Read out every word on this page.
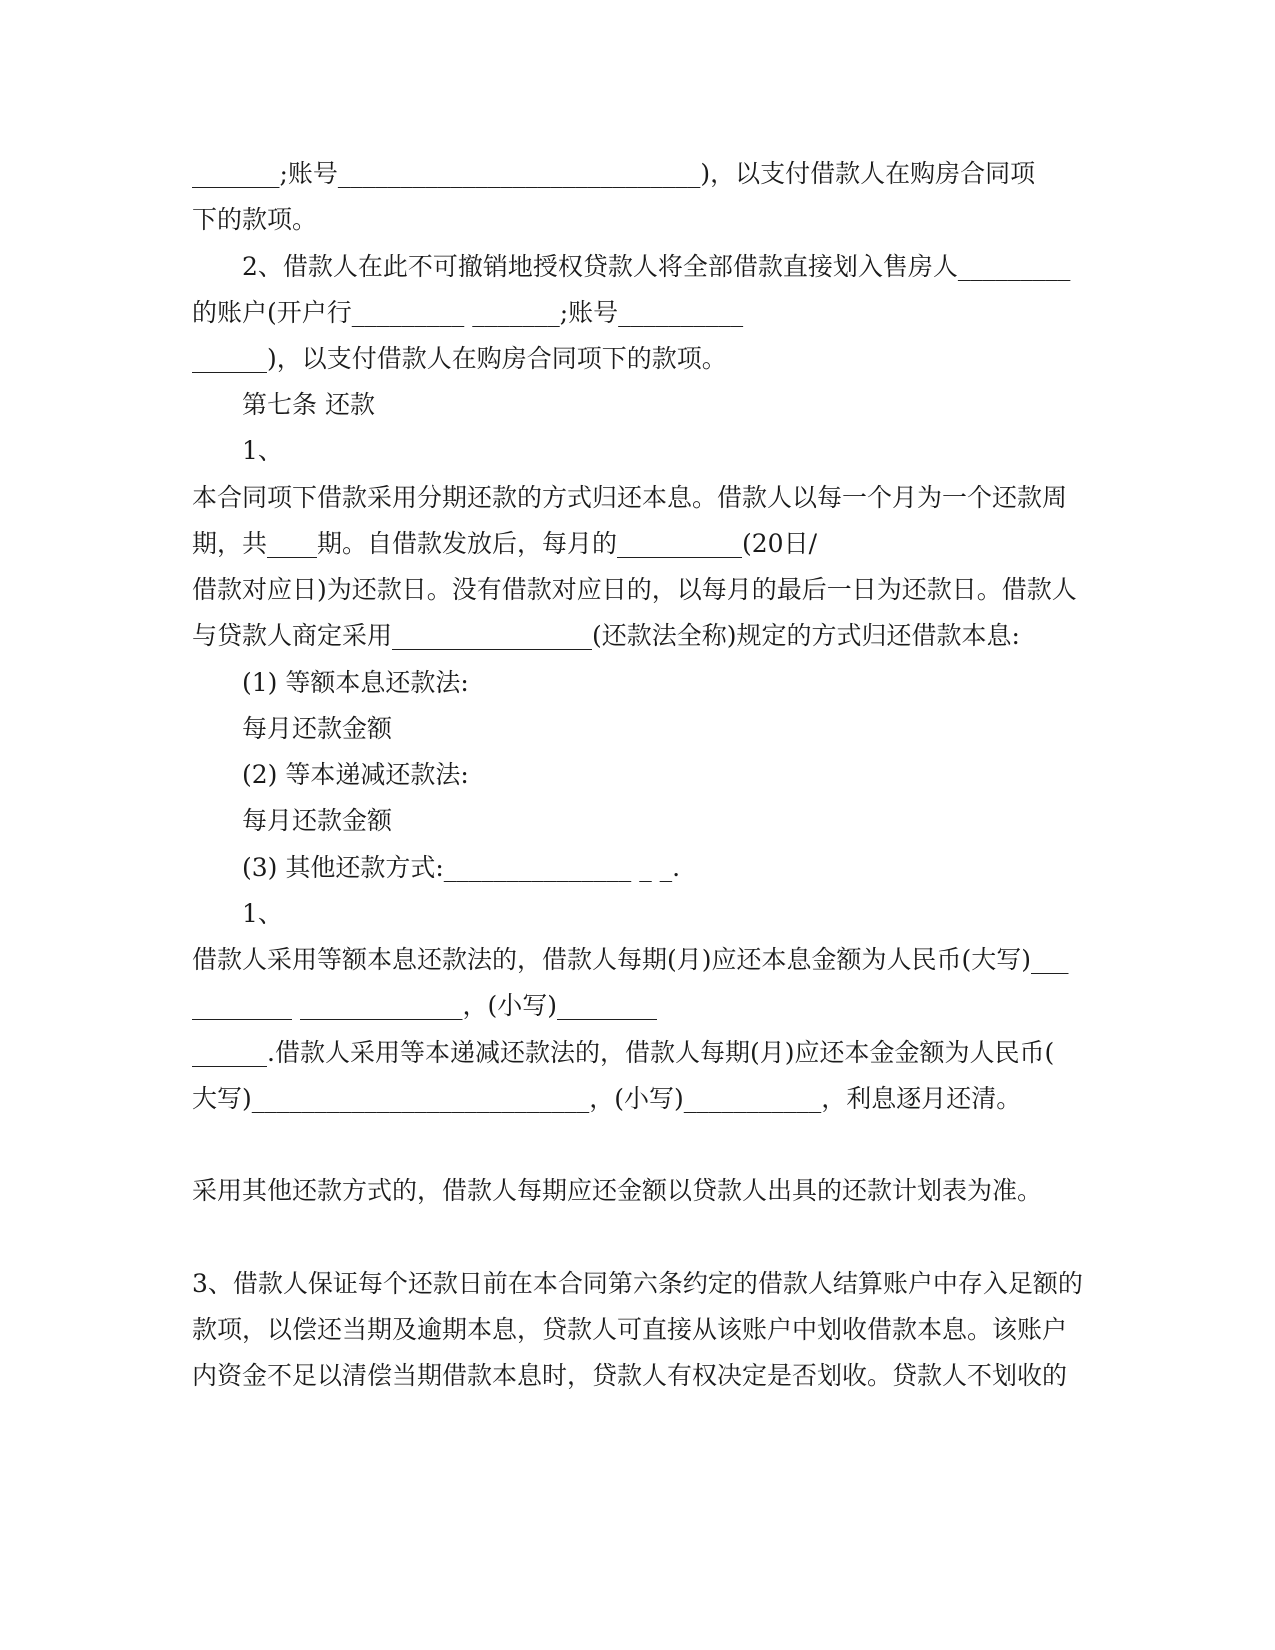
_______;账号_____________________________)，以支付借款人在购房合同项
下的款项。
2、借款人在此不可撤销地授权贷款人将全部借款直接划入售房人_________
的账户(开户行_________ _______;账号__________
______)，以支付借款人在购房合同项下的款项。
第七条 还款
1、
本合同项下借款采用分期还款的方式归还本息。借款人以每一个月为一个还款周
期，共____期。自借款发放后，每月的__________(20日/
借款对应日)为还款日。没有借款对应日的，以每月的最后一日为还款日。借款人
与贷款人商定采用________________(还款法全称)规定的方式归还借款本息:
(1) 等额本息还款法:
每月还款金额
(2) 等本递减还款法:
每月还款金额
(3) 其他还款方式:_______________ _ _.
1、
借款人采用等额本息还款法的，借款人每期(月)应还本息金额为人民币(大写)___
________ _____________，(小写)________
______.借款人采用等本递减还款法的，借款人每期(月)应还本金金额为人民币(
大写)___________________________，(小写)___________，利息逐月还清。
采用其他还款方式的，借款人每期应还金额以贷款人出具的还款计划表为准。
3、借款人保证每个还款日前在本合同第六条约定的借款人结算账户中存入足额的
款项，以偿还当期及逾期本息，贷款人可直接从该账户中划收借款本息。该账户
内资金不足以清偿当期借款本息时，贷款人有权决定是否划收。贷款人不划收的
